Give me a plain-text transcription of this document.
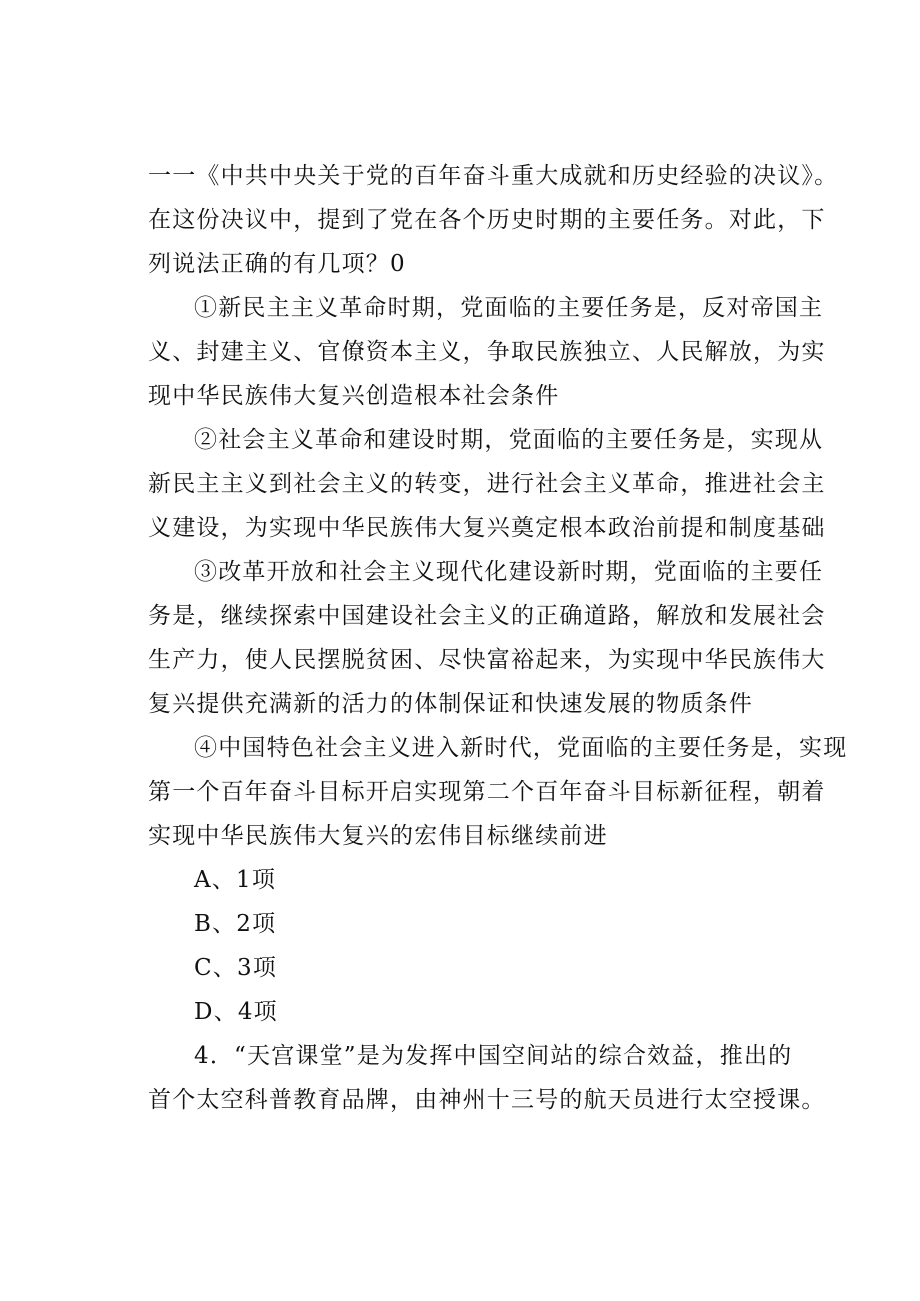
一一《中共中央关于党的百年奋斗重大成就和历史经验的决议》。
在这份决议中，提到了党在各个历史时期的主要任务。对此，下
列说法正确的有几项？0
①新民主主义革命时期，党面临的主要任务是，反对帝国主
义、封建主义、官僚资本主义，争取民族独立、人民解放，为实
现中华民族伟大复兴创造根本社会条件
②社会主义革命和建设时期，党面临的主要任务是，实现从
新民主主义到社会主义的转变，进行社会主义革命，推进社会主
义建设，为实现中华民族伟大复兴奠定根本政治前提和制度基础
③改革开放和社会主义现代化建设新时期，党面临的主要任
务是，继续探索中国建设社会主义的正确道路，解放和发展社会
生产力，使人民摆脱贫困、尽快富裕起来，为实现中华民族伟大
复兴提供充满新的活力的体制保证和快速发展的物质条件
④中国特色社会主义进入新时代，党面临的主要任务是，实现
第一个百年奋斗目标开启实现第二个百年奋斗目标新征程，朝着
实现中华民族伟大复兴的宏伟目标继续前进
A、1项
B、2项
C、3项
D、4项
4．“天宫课堂”是为发挥中国空间站的综合效益，推出的
首个太空科普教育品牌，由神州十三号的航天员进行太空授课。
